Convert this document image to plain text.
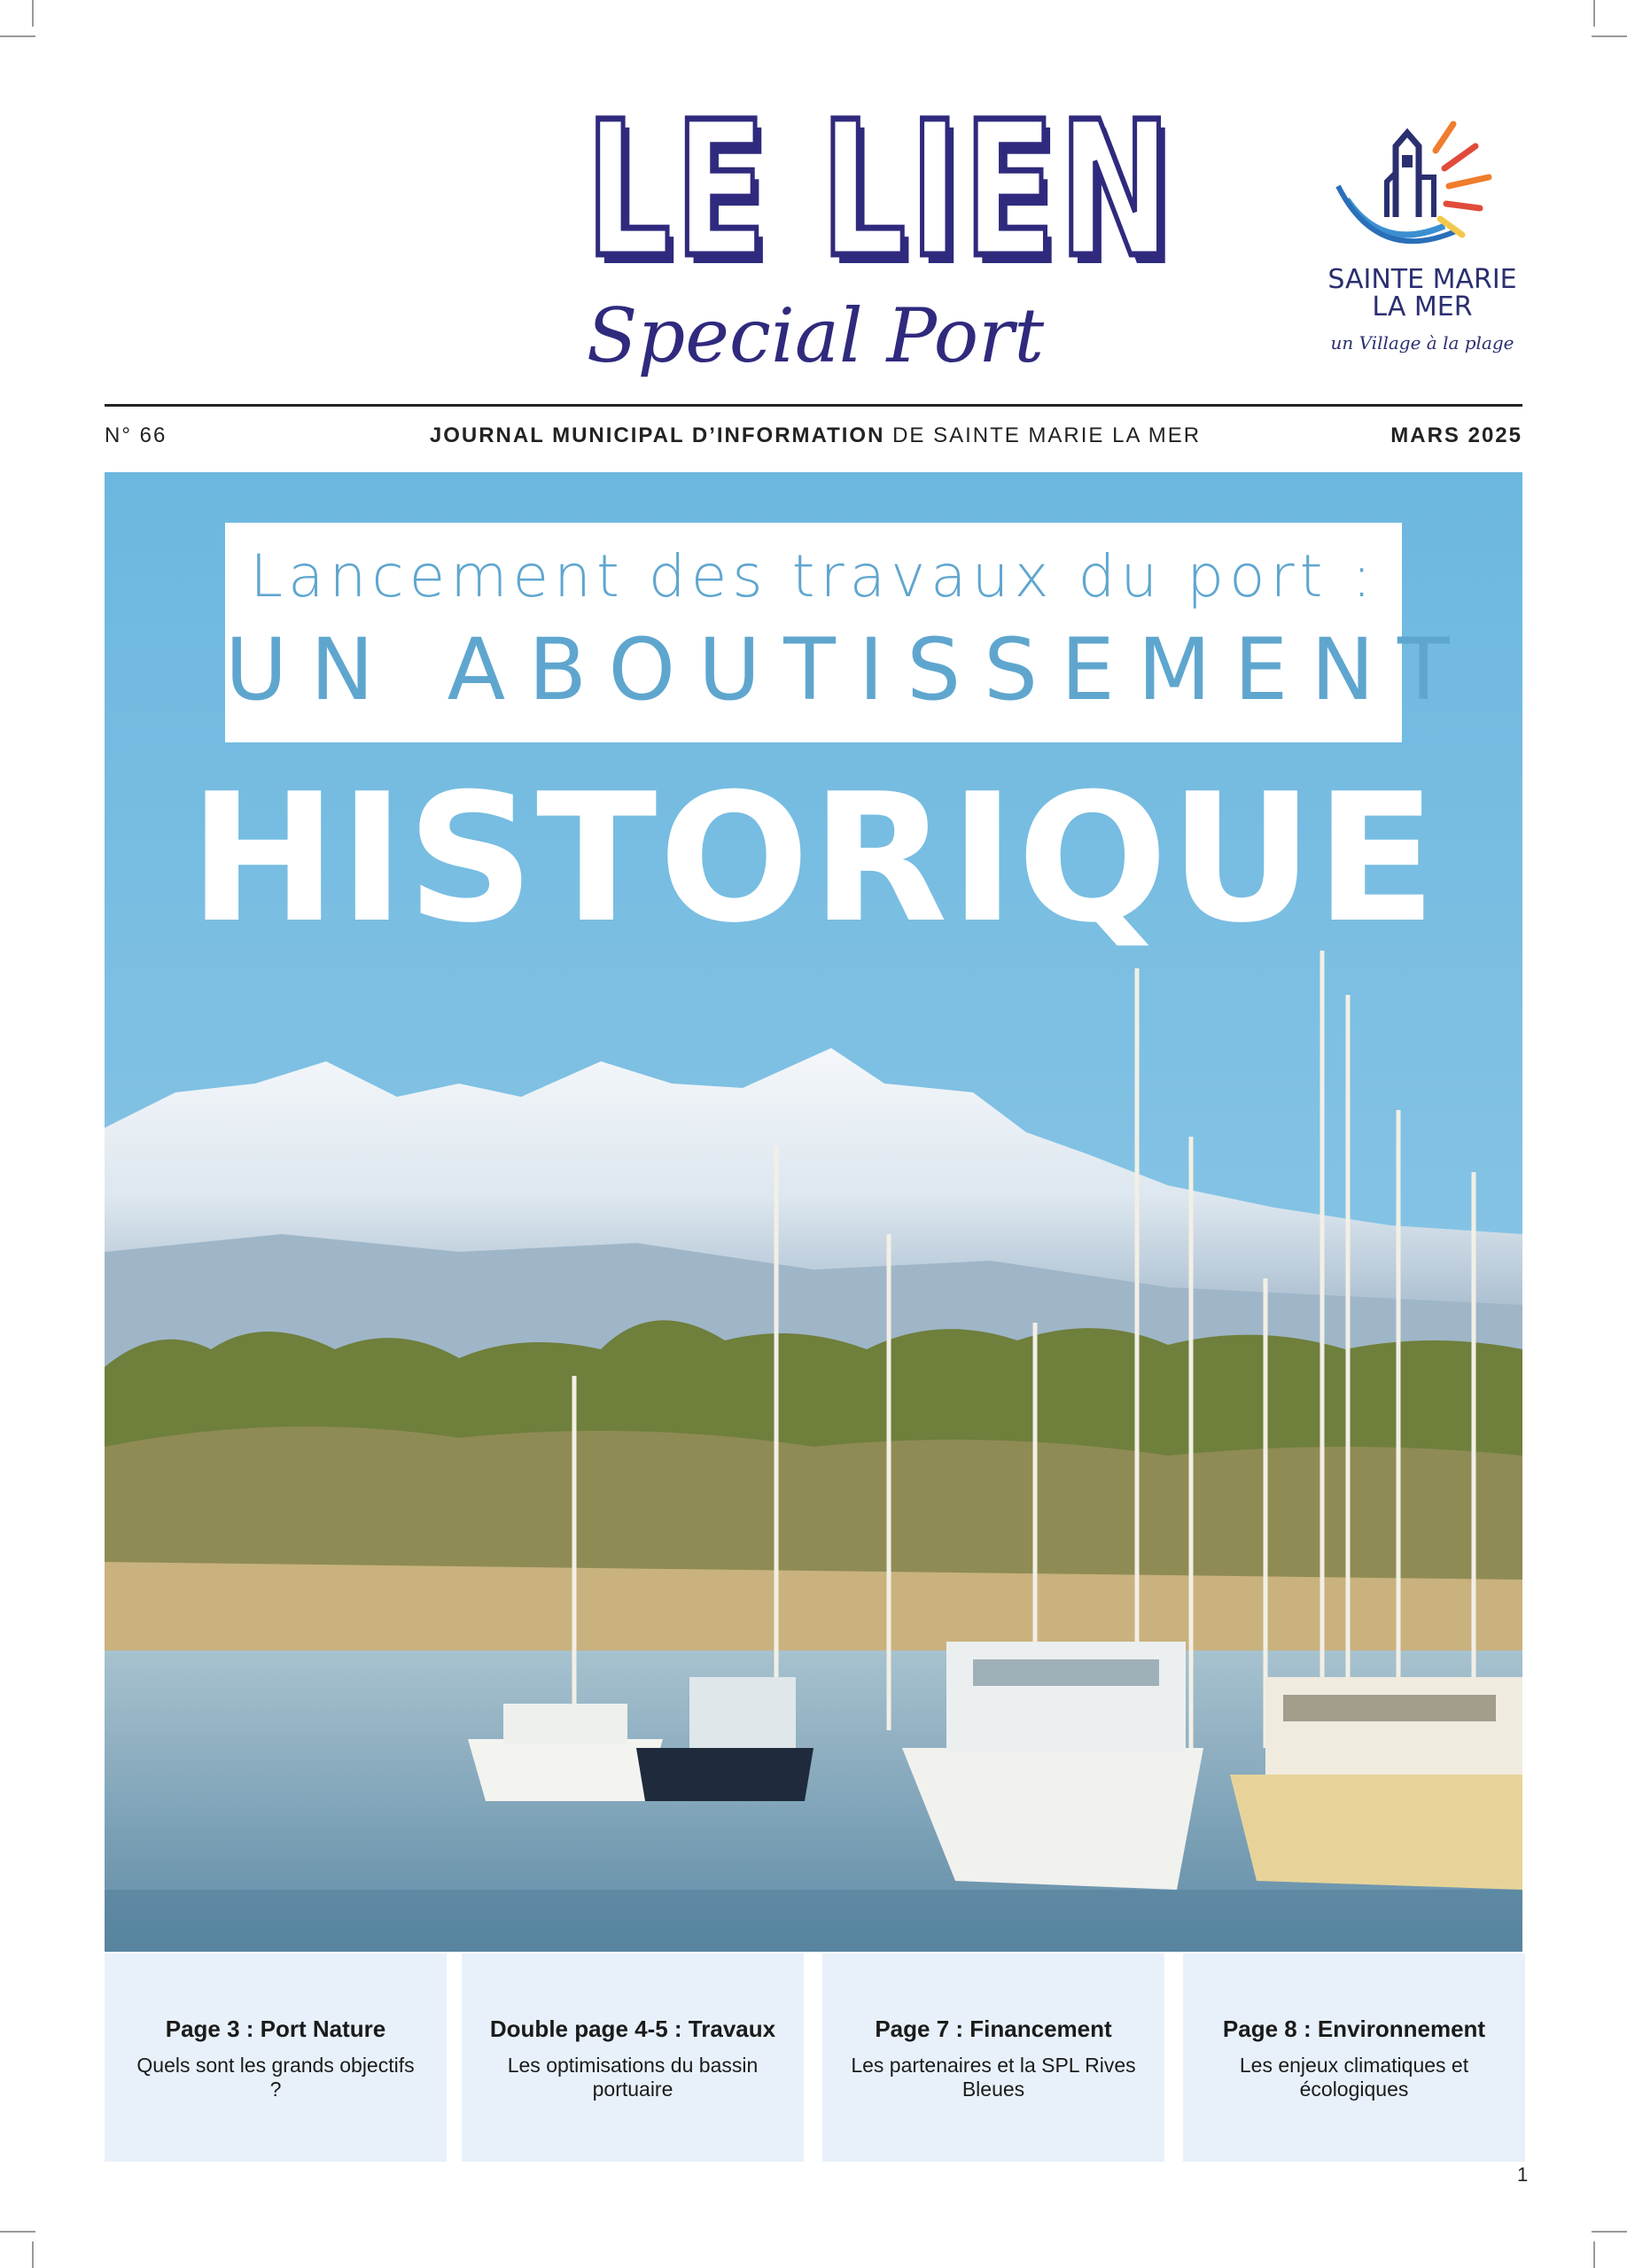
LE LIEN
Special Port
SAINTE MARIE
LA MER
un Village à la plage
N° 66	JOURNAL MUNICIPAL D’INFORMATION DE SAINTE MARIE LA MER	MARS 2025
Lancement des travaux du port :
UN ABOUTISSEMENT
HISTORIQUE
Page 3 : Port Nature
Quels sont les grands objectifs ?
Double page 4-5 : Travaux
Les optimisations du bassin portuaire
Page 7 : Financement
Les partenaires et la SPL Rives Bleues
Page 8 : Environnement
Les enjeux climatiques et écologiques
1
